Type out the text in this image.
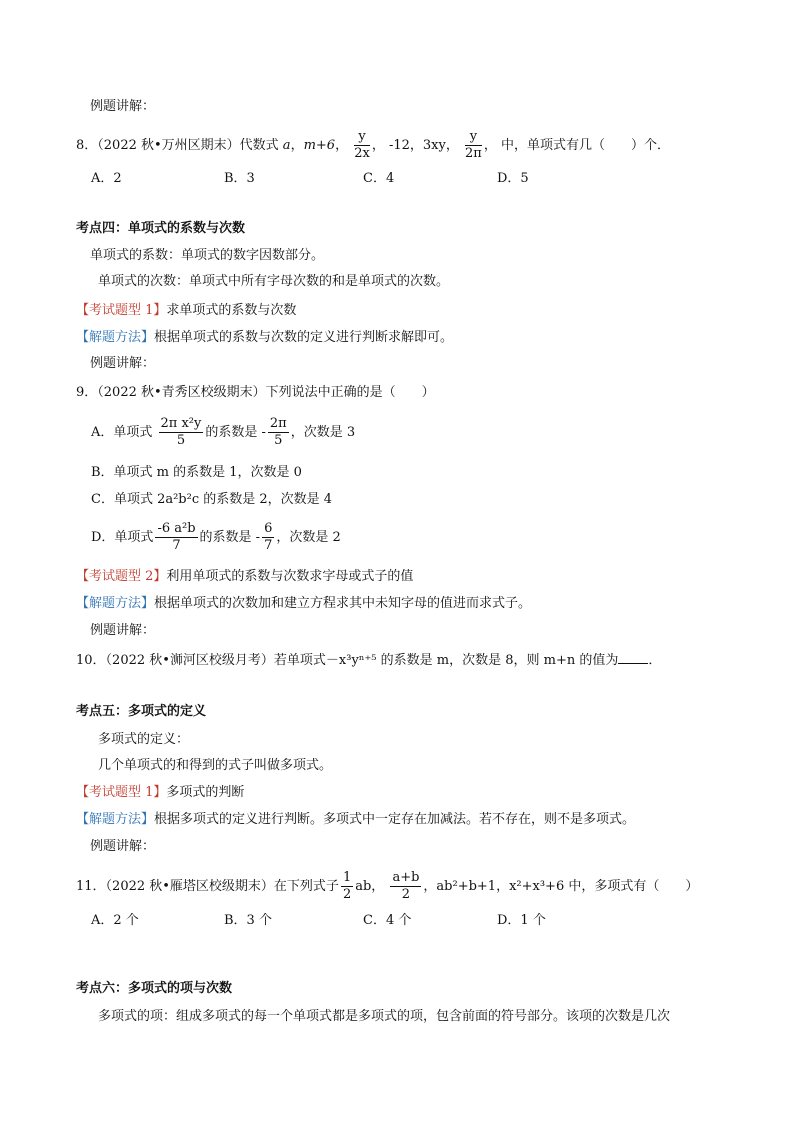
例题讲解：
8．（2022 秋•万州区期末）代数式 a，m+6， $\frac{y}{2x}$ ， -12，3xy， $\frac{y}{2\pi}$ ， 中，单项式有几（　　）个．
A．2	B．3	C．4	D．5
考点四：单项式的系数与次数
单项式的系数：单项式的数字因数部分。
单项式的次数：单项式中所有字母次数的和是单项式的次数。
【考试题型 1】求单项式的系数与次数
【解题方法】根据单项式的系数与次数的定义进行判断求解即可。
例题讲解：
9．（2022 秋•青秀区校级期末）下列说法中正确的是（　　）
A．单项式 $\frac{\text{2π x²y}}{5}$ 的系数是 - $\frac{2\pi}{5}$ ，次数是 3
B．单项式 m 的系数是 1，次数是 0
C．单项式 2a²b²c 的系数是 2，次数是 4
D．单项式 $\frac{\text{-6 a²b}}{7}$ 的系数是 - $\frac{6}{7}$ ，次数是 2
【考试题型 2】利用单项式的系数与次数求字母或式子的值
【解题方法】根据单项式的次数加和建立方程求其中未知字母的值进而求式子。
例题讲解：
10．（2022 秋•浉河区校级月考）若单项式－x³yⁿ⁺⁵ 的系数是 m，次数是 8，则 m+n 的值为 ．
考点五：多项式的定义
多项式的定义：
几个单项式的和得到的式子叫做多项式。
【考试题型 1】多项式的判断
【解题方法】根据多项式的定义进行判断。多项式中一定存在加减法。若不存在，则不是多项式。
例题讲解：
11．（2022 秋•雁塔区校级期末）在下列式子 $\frac{1}{2}$ ab， $\frac{a+b}{2}$ ，ab²+b+1，x²+x³+6 中，多项式有（　　）
A．2 个	B．3 个	C．4 个	D．1 个
考点六：多项式的项与次数
多项式的项：组成多项式的每一个单项式都是多项式的项，包含前面的符号部分。该项的次数是几次
